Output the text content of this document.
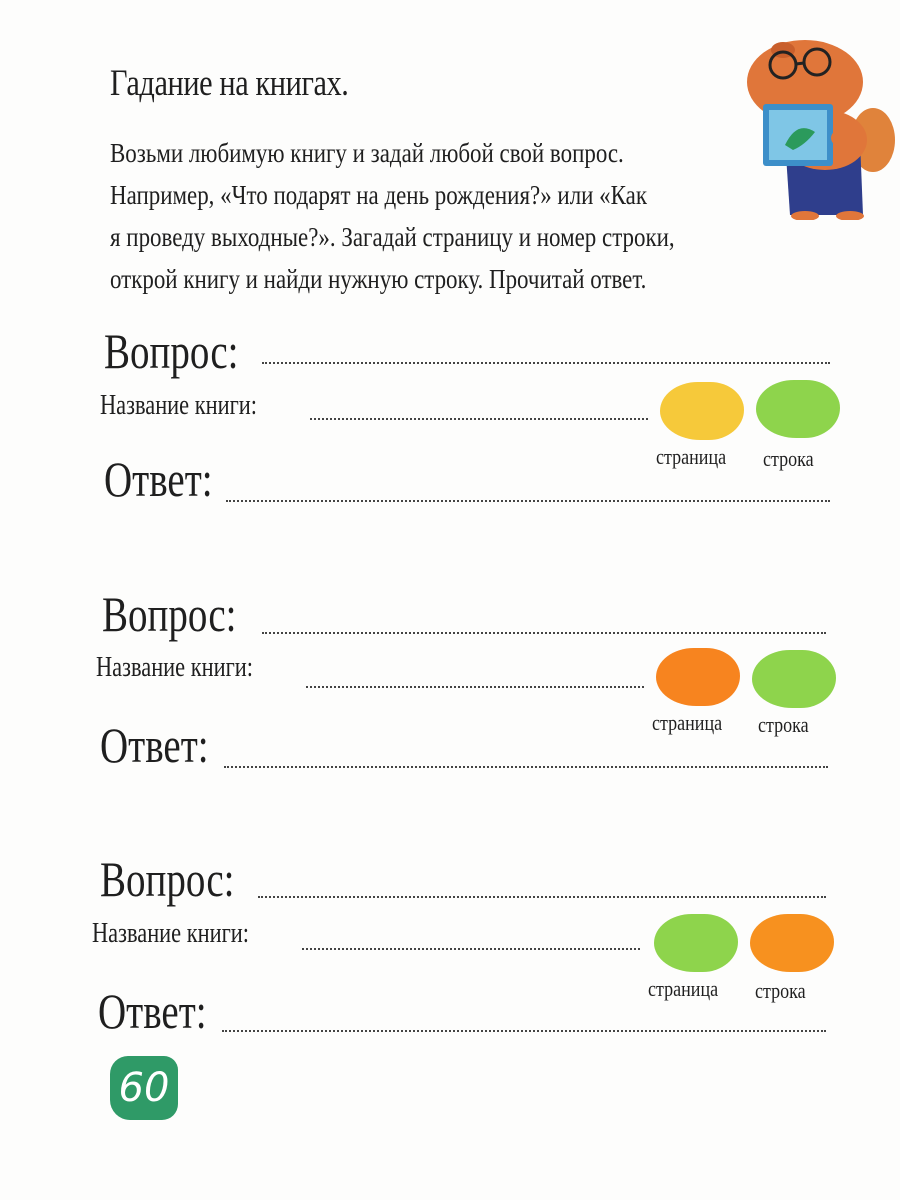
Гадание на книгах.
Возьми любимую книгу и задай любой свой вопрос.
Например, «Что подарят на день рождения?» или «Как
я проведу выходные?». Загадай страницу и номер строки,
открой книгу и найди нужную строку. Прочитай ответ.
Вопрос:
Название книги:
страница строка
Ответ:
Вопрос:
Название книги:
страница строка
Ответ:
Вопрос:
Название книги:
страница строка
Ответ:
60
